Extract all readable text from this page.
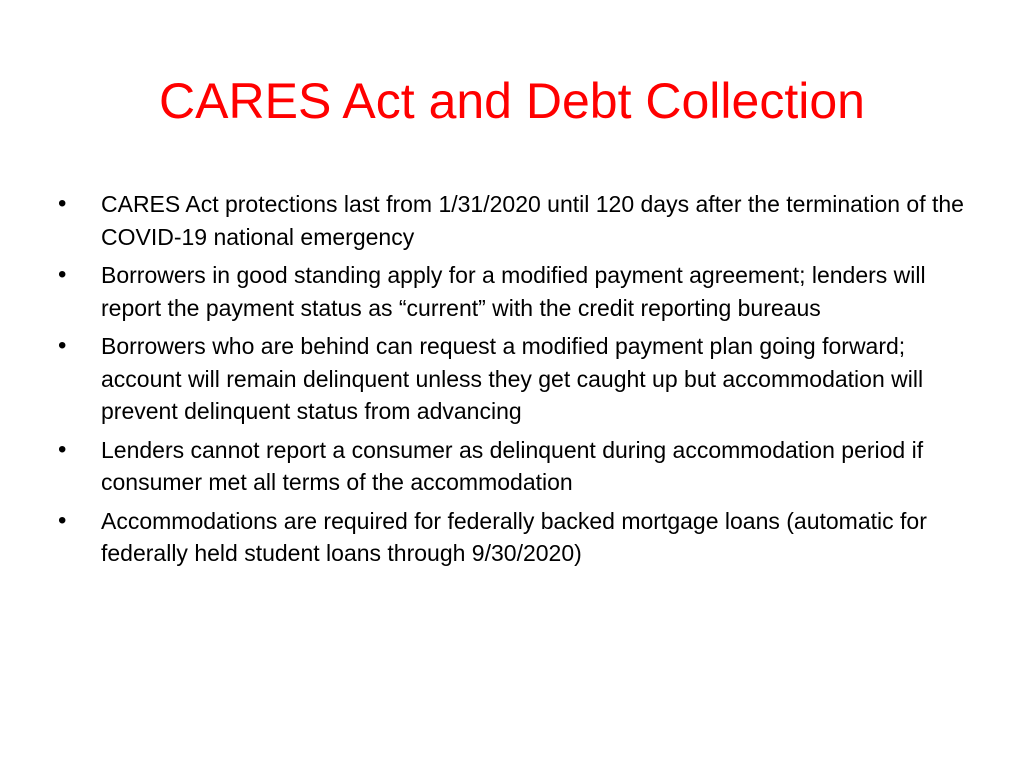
CARES Act and Debt Collection
• CARES Act protections last from 1/31/2020 until 120 days after the termination of the COVID-19 national emergency
• Borrowers in good standing apply for a modified payment agreement; lenders will report the payment status as “current” with the credit reporting bureaus
• Borrowers who are behind can request a modified payment plan going forward; account will remain delinquent unless they get caught up but accommodation will prevent delinquent status from advancing
• Lenders cannot report a consumer as delinquent during accommodation period if consumer met all terms of the accommodation
• Accommodations are required for federally backed mortgage loans (automatic for federally held student loans through 9/30/2020)
